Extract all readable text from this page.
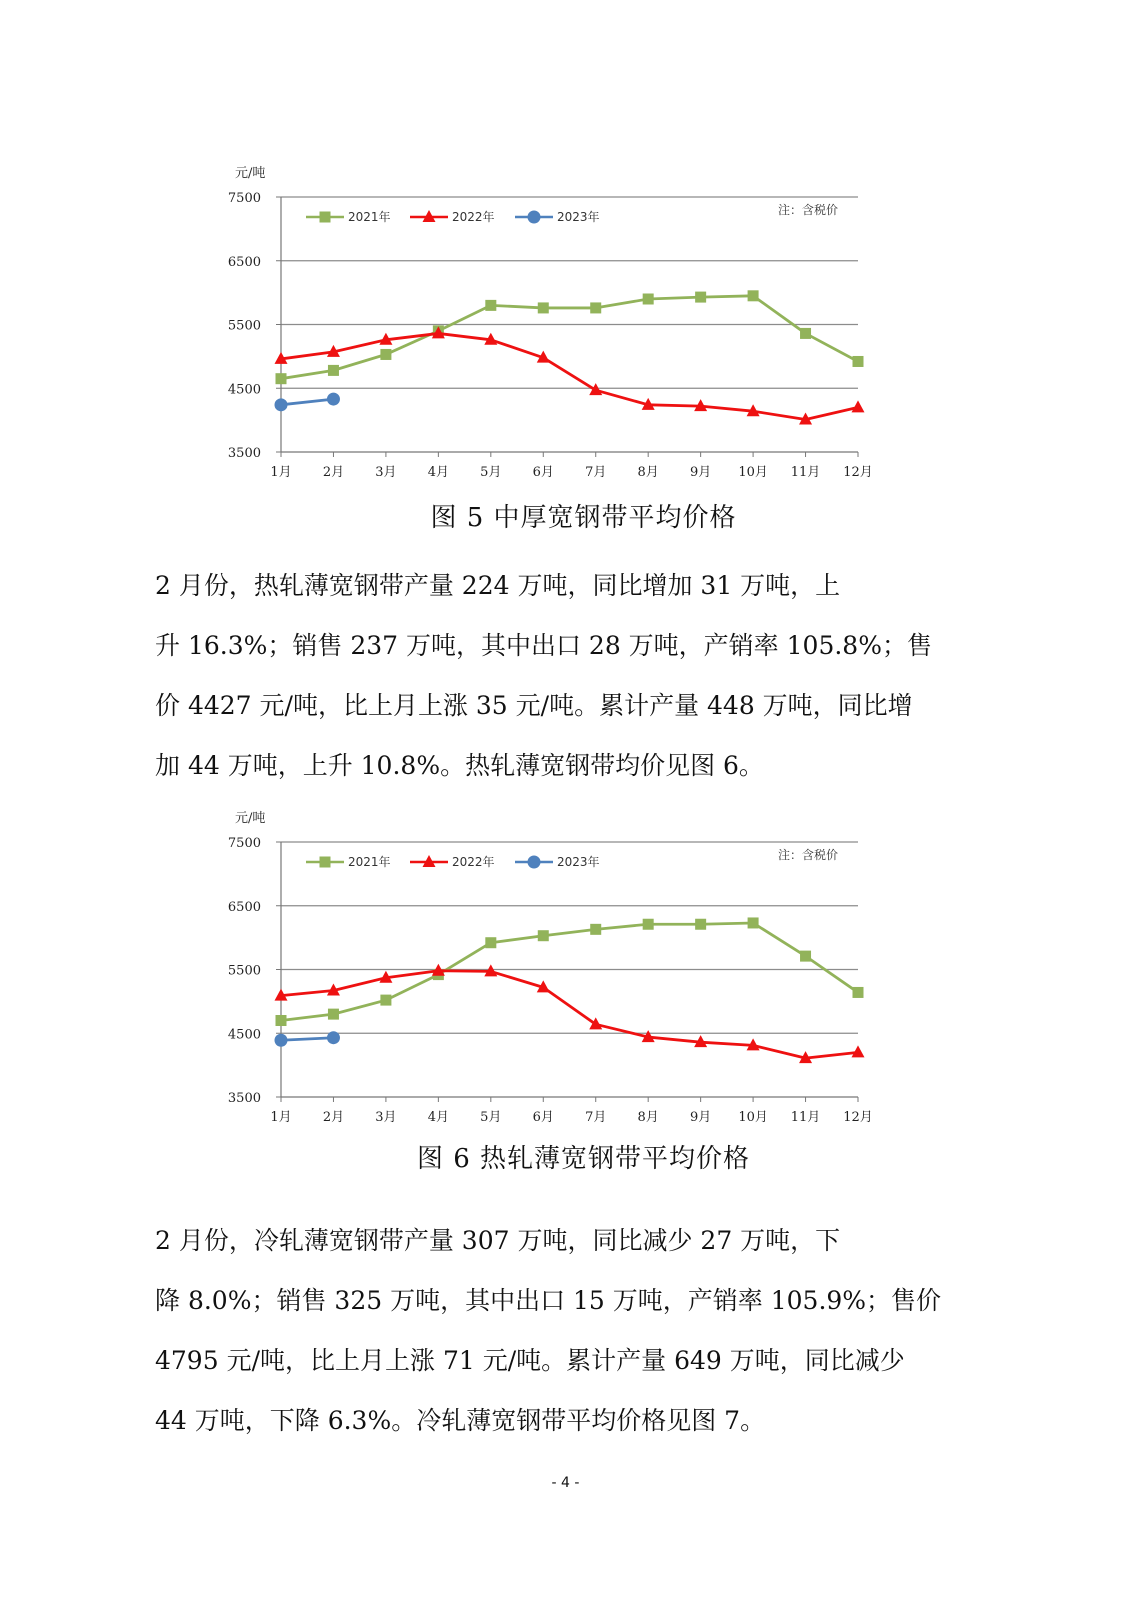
元/吨
7500
6500
5500
4500
3500
1月 2月 3月 4月 5月 6月 7月 8月 9月 10月 11月 12月
注：含税价
2021年	2022年	2023年
图 5 中厚宽钢带平均价格
2 月份，热轧薄宽钢带产量 224 万吨，同比增加 31 万吨，上
升 16.3%；销售 237 万吨，其中出口 28 万吨，产销率 105.8%；售
价 4427 元/吨，比上月上涨 35 元/吨。累计产量 448 万吨，同比增
加 44 万吨，上升 10.8%。热轧薄宽钢带均价见图 6。
元/吨
7500
6500
5500
4500
3500
1月 2月 3月 4月 5月 6月 7月 8月 9月 10月 11月 12月
注：含税价
2021年	2022年	2023年
图 6 热轧薄宽钢带平均价格
2 月份，冷轧薄宽钢带产量 307 万吨，同比减少 27 万吨，下
降 8.0%；销售 325 万吨，其中出口 15 万吨，产销率 105.9%；售价
4795 元/吨，比上月上涨 71 元/吨。累计产量 649 万吨，同比减少
44 万吨，下降 6.3%。冷轧薄宽钢带平均价格见图 7。
- 4 -
